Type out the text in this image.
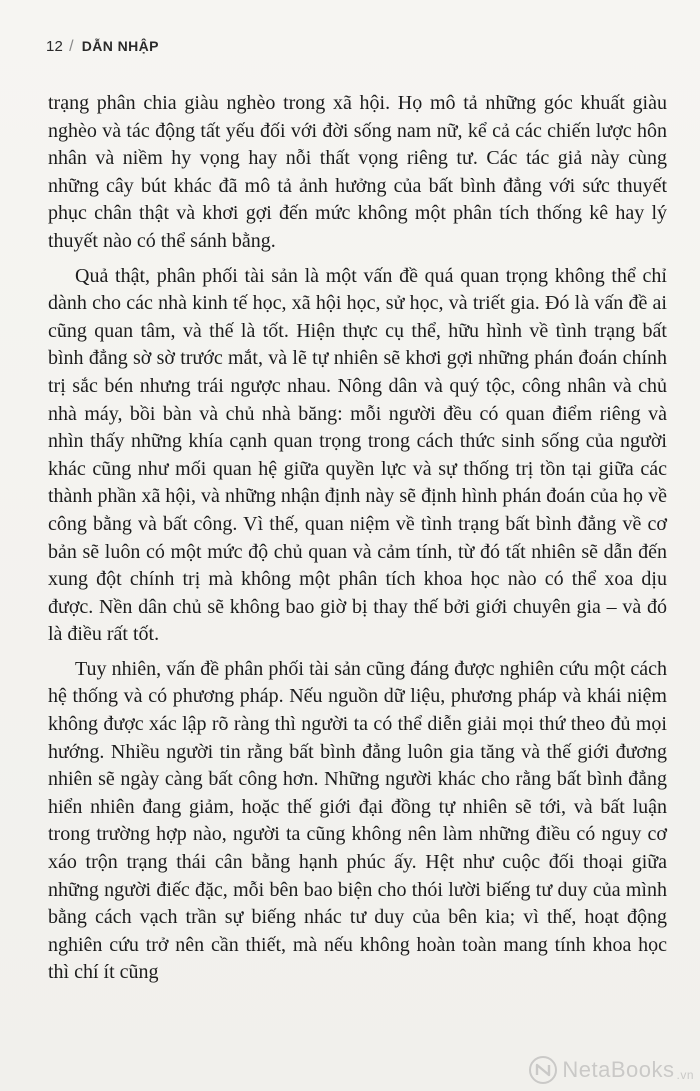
12 / DẪN NHẬP

trạng phân chia giàu nghèo trong xã hội. Họ mô tả những góc khuất giàu nghèo và tác động tất yếu đối với đời sống nam nữ, kể cả các chiến lược hôn nhân và niềm hy vọng hay nỗi thất vọng riêng tư. Các tác giả này cùng những cây bút khác đã mô tả ảnh hưởng của bất bình đẳng với sức thuyết phục chân thật và khơi gợi đến mức không một phân tích thống kê hay lý thuyết nào có thể sánh bằng.

Quả thật, phân phối tài sản là một vấn đề quá quan trọng không thể chỉ dành cho các nhà kinh tế học, xã hội học, sử học, và triết gia. Đó là vấn đề ai cũng quan tâm, và thế là tốt. Hiện thực cụ thể, hữu hình về tình trạng bất bình đẳng sờ sờ trước mắt, và lẽ tự nhiên sẽ khơi gợi những phán đoán chính trị sắc bén nhưng trái ngược nhau. Nông dân và quý tộc, công nhân và chủ nhà máy, bồi bàn và chủ nhà băng: mỗi người đều có quan điểm riêng và nhìn thấy những khía cạnh quan trọng trong cách thức sinh sống của người khác cũng như mối quan hệ giữa quyền lực và sự thống trị tồn tại giữa các thành phần xã hội, và những nhận định này sẽ định hình phán đoán của họ về công bằng và bất công. Vì thế, quan niệm về tình trạng bất bình đẳng về cơ bản sẽ luôn có một mức độ chủ quan và cảm tính, từ đó tất nhiên sẽ dẫn đến xung đột chính trị mà không một phân tích khoa học nào có thể xoa dịu được. Nền dân chủ sẽ không bao giờ bị thay thế bởi giới chuyên gia – và đó là điều rất tốt.

Tuy nhiên, vấn đề phân phối tài sản cũng đáng được nghiên cứu một cách hệ thống và có phương pháp. Nếu nguồn dữ liệu, phương pháp và khái niệm không được xác lập rõ ràng thì người ta có thể diễn giải mọi thứ theo đủ mọi hướng. Nhiều người tin rằng bất bình đẳng luôn gia tăng và thế giới đương nhiên sẽ ngày càng bất công hơn. Những người khác cho rằng bất bình đẳng hiển nhiên đang giảm, hoặc thế giới đại đồng tự nhiên sẽ tới, và bất luận trong trường hợp nào, người ta cũng không nên làm những điều có nguy cơ xáo trộn trạng thái cân bằng hạnh phúc ấy. Hệt như cuộc đối thoại giữa những người điếc đặc, mỗi bên bao biện cho thói lười biếng tư duy của mình bằng cách vạch trần sự biếng nhác tư duy của bên kia; vì thế, hoạt động nghiên cứu trở nên cần thiết, mà nếu không hoàn toàn mang tính khoa học thì chí ít cũng

NetaBooks .vn
